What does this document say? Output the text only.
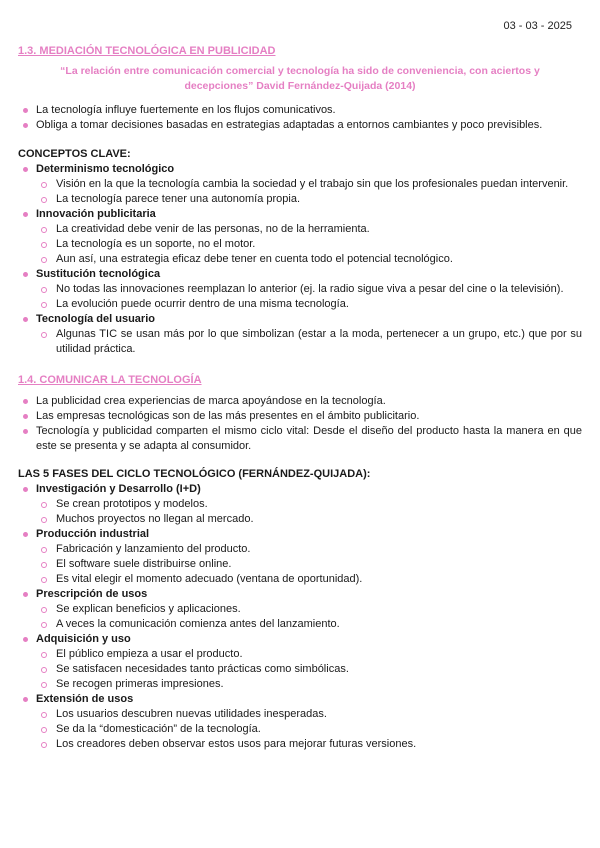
03 - 03 - 2025

1.3. MEDIACIÓN TECNOLÓGICA EN PUBLICIDAD

“La relación entre comunicación comercial y tecnología ha sido de conveniencia, con aciertos y decepciones” David Fernández-Quijada (2014)

La tecnología influye fuertemente en los flujos comunicativos.
Obliga a tomar decisiones basadas en estrategias adaptadas a entornos cambiantes y poco previsibles.

CONCEPTOS CLAVE:

Determinismo tecnológico
Visión en la que la tecnología cambia la sociedad y el trabajo sin que los profesionales puedan intervenir.
La tecnología parece tener una autonomía propia.
Innovación publicitaria
La creatividad debe venir de las personas, no de la herramienta.
La tecnología es un soporte, no el motor.
Aun así, una estrategia eficaz debe tener en cuenta todo el potencial tecnológico.
Sustitución tecnológica
No todas las innovaciones reemplazan lo anterior (ej. la radio sigue viva a pesar del cine o la televisión).
La evolución puede ocurrir dentro de una misma tecnología.
Tecnología del usuario
Algunas TIC se usan más por lo que simbolizan (estar a la moda, pertenecer a un grupo, etc.) que por su utilidad práctica.

1.4. COMUNICAR LA TECNOLOGÍA

La publicidad crea experiencias de marca apoyándose en la tecnología.
Las empresas tecnológicas son de las más presentes en el ámbito publicitario.
Tecnología y publicidad comparten el mismo ciclo vital: Desde el diseño del producto hasta la manera en que este se presenta y se adapta al consumidor.

LAS 5 FASES DEL CICLO TECNOLÓGICO (FERNÁNDEZ-QUIJADA):

Investigación y Desarrollo (I+D)
Se crean prototipos y modelos.
Muchos proyectos no llegan al mercado.
Producción industrial
Fabricación y lanzamiento del producto.
El software suele distribuirse online.
Es vital elegir el momento adecuado (ventana de oportunidad).
Prescripción de usos
Se explican beneficios y aplicaciones.
A veces la comunicación comienza antes del lanzamiento.
Adquisición y uso
El público empieza a usar el producto.
Se satisfacen necesidades tanto prácticas como simbólicas.
Se recogen primeras impresiones.
Extensión de usos
Los usuarios descubren nuevas utilidades inesperadas.
Se da la “domesticación” de la tecnología.
Los creadores deben observar estos usos para mejorar futuras versiones.
